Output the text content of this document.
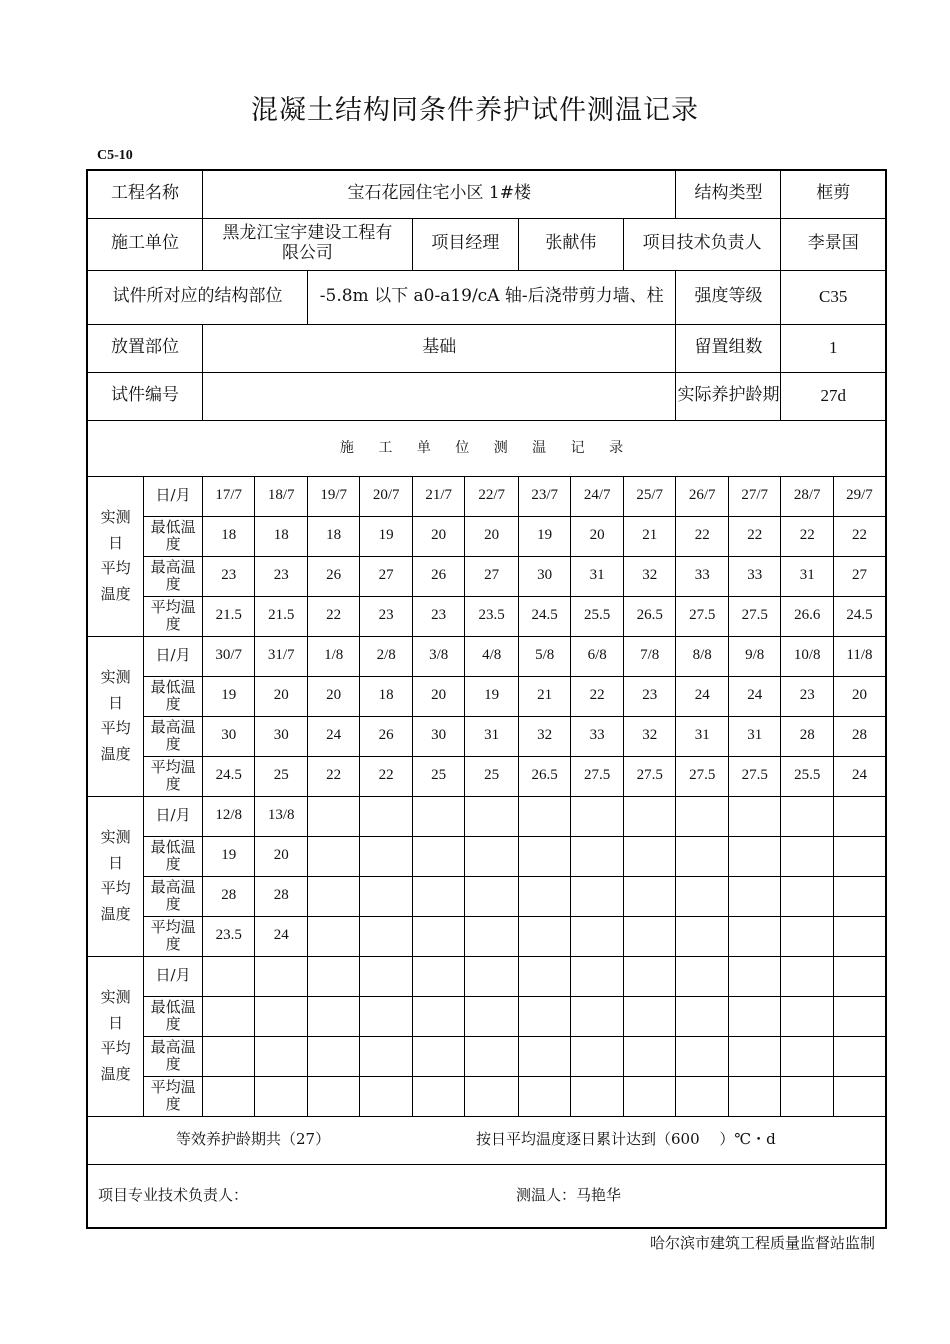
混凝土结构同条件养护试件测温记录
C5-10
工程名称		宝石花园住宅小区 1#楼									结构类型		框剪	
施工单位		黑龙江宝宇建设工程有限公司				项目经理		张献伟		项目技术负责人			李景国	
试件所对应的结构部位				-5.8m 以下 a0-a19/cA 轴-后浇带剪力墙、柱							强度等级		C35	
放置部位		基础									留置组数		1	
试件编号											实际养护龄期		27d	
施 工 单 位 测 温 记 录														

实测
日
平均
温度	日/月	17/7	18/7	19/7	20/7	21/7	22/7	23/7	24/7	25/7	26/7	27/7	28/7	29/7
	最低温度	18	18	18	19	20	20	19	20	21	22	22	22	22
	最高温度	23	23	26	27	26	27	30	31	32	33	33	31	27
	平均温度	21.5	21.5	22	23	23	23.5	24.5	25.5	26.5	27.5	27.5	26.6	24.5

实测
日
平均
温度	日/月	30/7	31/7	1/8	2/8	3/8	4/8	5/8	6/8	7/8	8/8	9/8	10/8	11/8
	最低温度	19	20	20	18	20	19	21	22	23	24	24	23	20
	最高温度	30	30	24	26	30	31	32	33	32	31	31	28	28
	平均温度	24.5	25	22	22	25	25	26.5	27.5	27.5	27.5	27.5	25.5	24

实测
日
平均
温度	日/月	12/8	13/8											
	最低温度	19	20											
	最高温度	28	28											
	平均温度	23.5	24											

实测
日
平均
温度	日/月													
	最低温度													
	最高温度													
	平均温度													
等效养护龄期共（27） 按日平均温度逐日累计达到（600　 ）℃・d														
项目专业技术负责人： 测温人：马艳华														
哈尔滨市建筑工程质量监督站监制
